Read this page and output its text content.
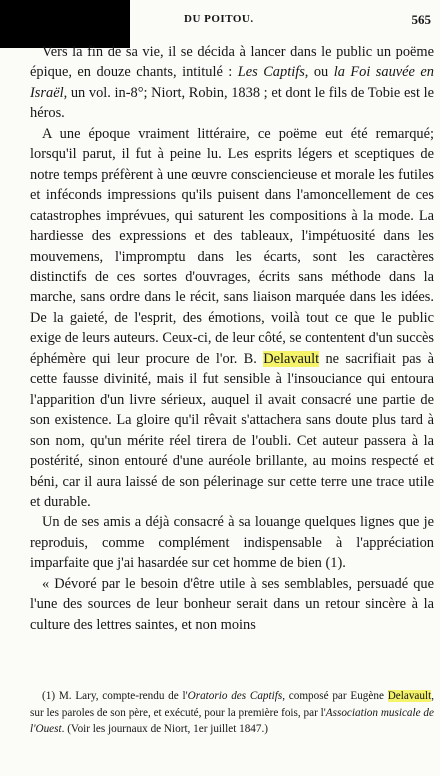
DU POITOU.	565

Vers la fin de sa vie, il se décida à lancer dans le public un poëme épique, en douze chants, intitulé : Les Captifs, ou la Foi sauvée en Israël, un vol. in-8°; Niort, Robin, 1838 ; et dont le fils de Tobie est le héros.

A une époque vraiment littéraire, ce poëme eut été remarqué; lorsqu'il parut, il fut à peine lu. Les esprits légers et sceptiques de notre temps préfèrent à une œuvre consciencieuse et morale les futiles et inféconds impressions qu'ils puisent dans l'amoncellement de ces catastrophes imprévues, qui saturent les compositions à la mode. La hardiesse des expressions et des tableaux, l'impétuosité dans les mouvemens, l'impromptu dans les écarts, sont les caractères distinctifs de ces sortes d'ouvrages, écrits sans méthode dans la marche, sans ordre dans le récit, sans liaison marquée dans les idées. De la gaieté, de l'esprit, des émotions, voilà tout ce que le public exige de leurs auteurs. Ceux-ci, de leur côté, se contentent d'un succès éphémère qui leur procure de l'or. B. Delavault ne sacrifiait pas à cette fausse divinité, mais il fut sensible à l'insouciance qui entoura l'apparition d'un livre sérieux, auquel il avait consacré une partie de son existence. La gloire qu'il rêvait s'attachera sans doute plus tard à son nom, qu'un mérite réel tirera de l'oubli. Cet auteur passera à la postérité, sinon entouré d'une auréole brillante, au moins respecté et béni, car il aura laissé de son pélerinage sur cette terre une trace utile et durable.

Un de ses amis a déjà consacré à sa louange quelques lignes que je reproduis, comme complément indispensable à l'appréciation imparfaite que j'ai hasardée sur cet homme de bien (1).

« Dévoré par le besoin d'être utile à ses semblables, persuadé que l'une des sources de leur bonheur serait dans un retour sincère à la culture des lettres saintes, et non moins

(1) M. Lary, compte-rendu de l'Oratorio des Captifs, composé par Eugène Delavault, sur les paroles de son père, et exécuté, pour la première fois, par l'Association musicale de l'Ouest. (Voir les journaux de Niort, 1er juillet 1847.)
